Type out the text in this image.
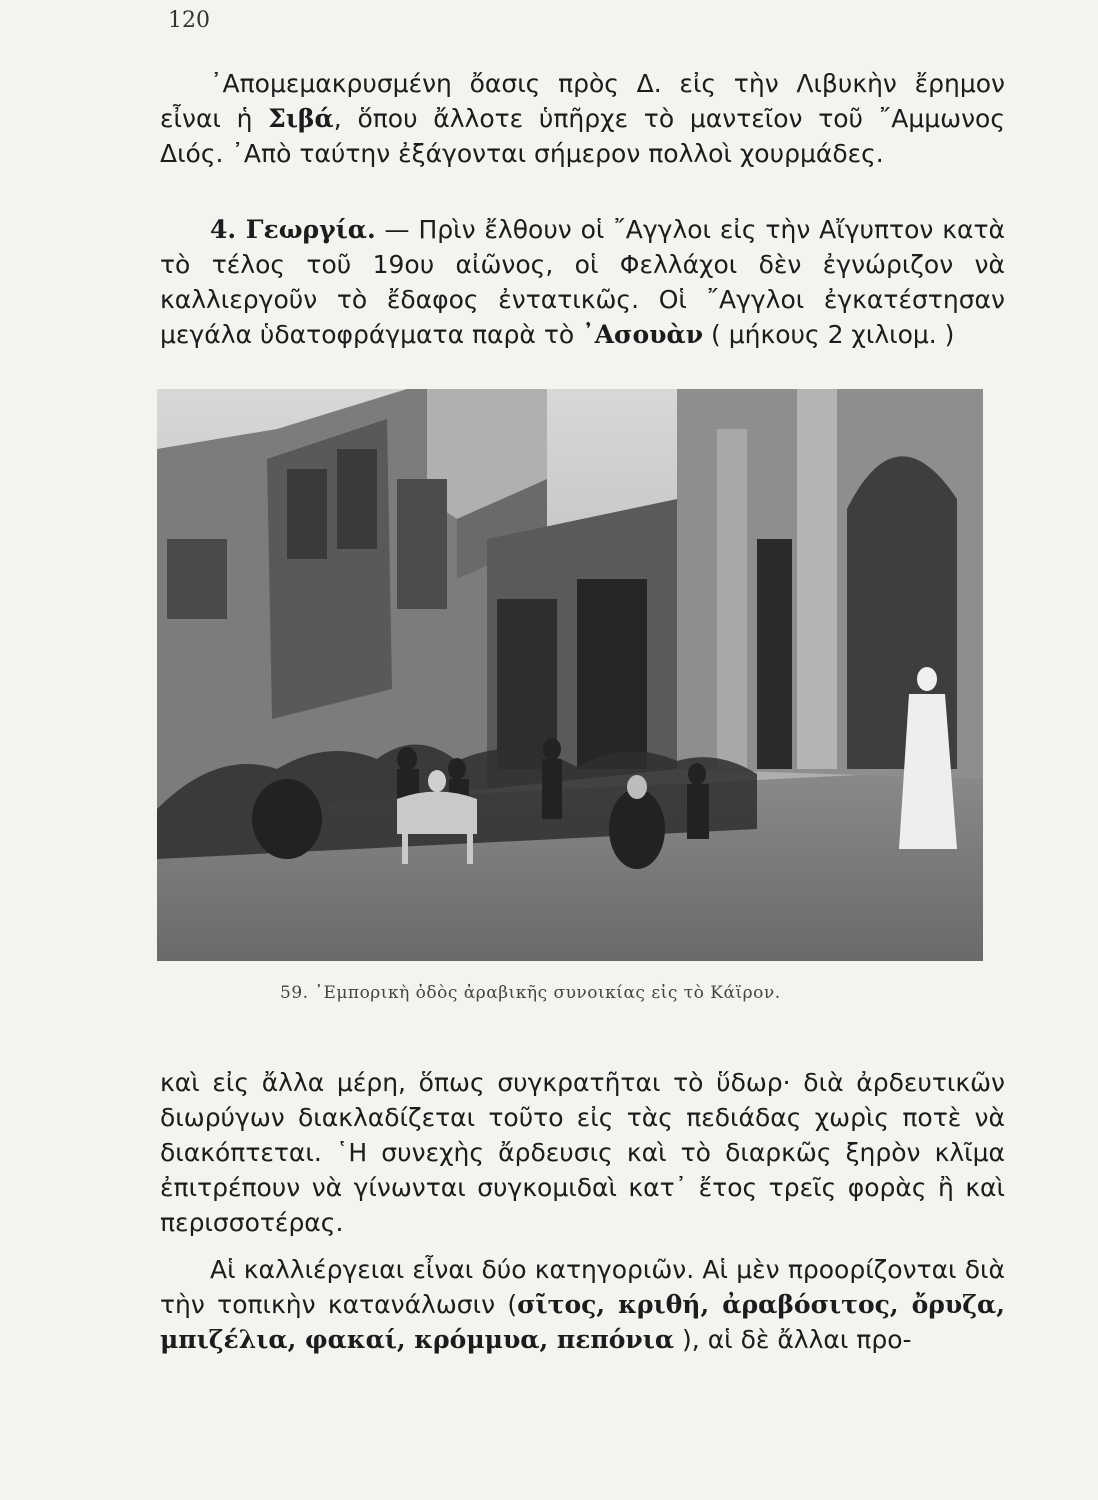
120

᾿Απομεμακρυσμένη ὄασις πρὸς Δ. εἰς τὴν Λιβυκὴν ἔρημον εἶναι ἡ Σιβά, ὅπου ἄλλοτε ὑπῆρχε τὸ μαντεῖον τοῦ ῎Αμμωνος Διός. ᾿Απὸ ταύτην ἐξάγονται σήμερον πολλοὶ χουρμάδες.

4. Γεωργία. — Πρὶν ἔλθουν οἱ ῎Αγγλοι εἰς τὴν Αἴγυπτον κατὰ τὸ τέλος τοῦ 19ου αἰῶνος, οἱ Φελλάχοι δὲν ἐγνώριζον νὰ καλλιεργοῦν τὸ ἔδαφος ἐντατικῶς. Οἱ ῎Αγγλοι ἐγκατέστησαν μεγάλα ὑδατοφράγματα παρὰ τὸ ᾿Ασουὰν ( μήκους 2 χιλιομ. )

59. ᾿Εμπορικὴ ὁδὸς ἀραβικῆς συνοικίας εἰς τὸ Κάϊρον.

καὶ εἰς ἄλλα μέρη, ὅπως συγκρατῆται τὸ ὕδωρ· διὰ ἀρδευτικῶν διωρύγων διακλαδίζεται τοῦτο εἰς τὰς πεδιάδας χωρὶς ποτὲ νὰ διακόπτεται. ῾Η συνεχὴς ἄρδευσις καὶ τὸ διαρκῶς ξηρὸν κλῖμα ἐπιτρέπουν νὰ γίνωνται συγκομιδαὶ κατ᾿ ἔτος τρεῖς φορὰς ἢ καὶ περισσοτέρας.

Αἱ καλλιέργειαι εἶναι δύο κατηγοριῶν. Αἱ μὲν προορίζονται διὰ τὴν τοπικὴν κατανάλωσιν (σῖτος, κριθή, ἀραβόσιτος, ὄρυζα, μπιζέλια, φακαί, κρόμμυα, πεπόνια ), αἱ δὲ ἄλλαι προ-
